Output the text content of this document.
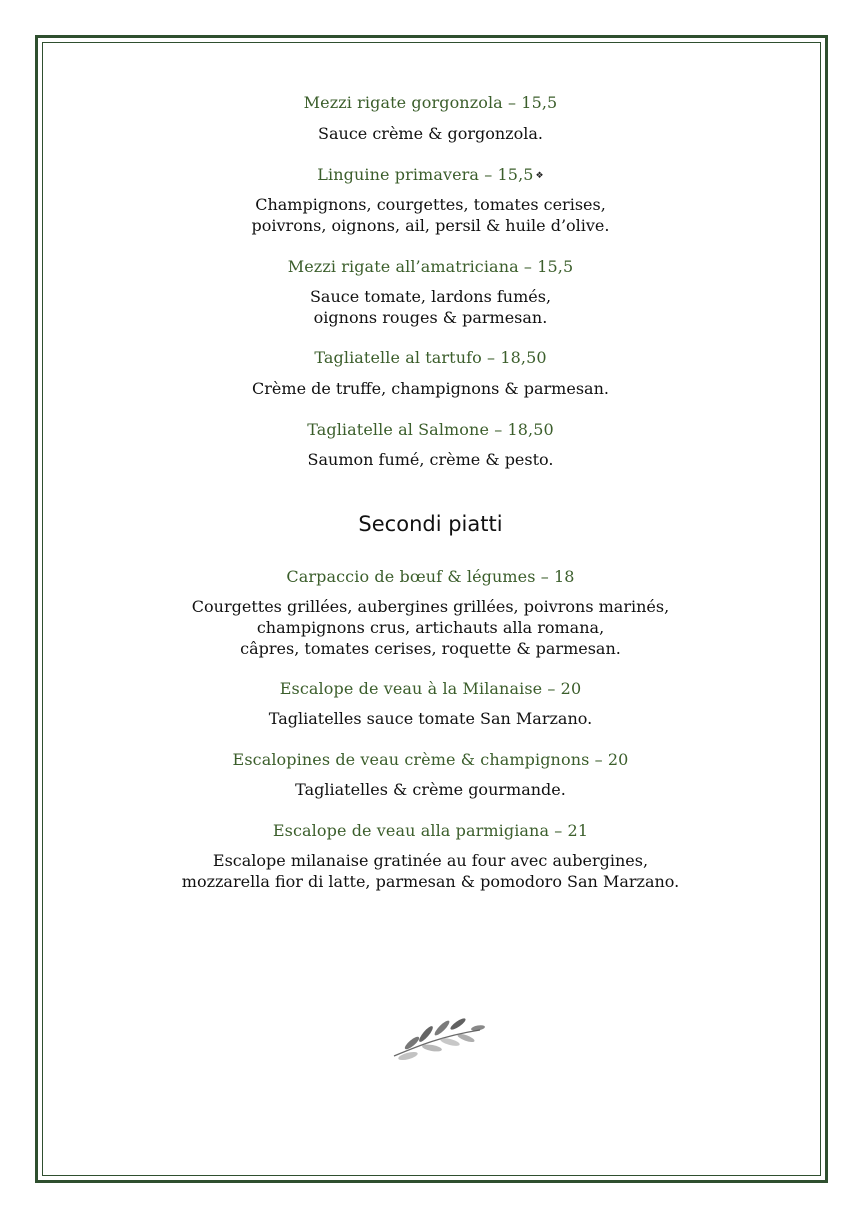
Mezzi rigate gorgonzola – 15,5
Sauce crème & gorgonzola.
Linguine primavera – 15,5 ❖
Champignons, courgettes, tomates cerises,
poivrons, oignons, ail, persil & huile d’olive.
Mezzi rigate all’amatriciana – 15,5
Sauce tomate, lardons fumés,
oignons rouges & parmesan.
Tagliatelle al tartufo – 18,50
Crème de truffe, champignons & parmesan.
Tagliatelle al Salmone – 18,50
Saumon fumé, crème & pesto.
Secondi piatti
Carpaccio de bœuf & légumes – 18
Courgettes grillées, aubergines grillées, poivrons marinés,
champignons crus, artichauts alla romana,
câpres, tomates cerises, roquette & parmesan.
Escalope de veau à la Milanaise – 20
Tagliatelles sauce tomate San Marzano.
Escalopines de veau crème & champignons – 20
Tagliatelles & crème gourmande.
Escalope de veau alla parmigiana – 21
Escalope milanaise gratinée au four avec aubergines,
mozzarella fior di latte, parmesan & pomodoro San Marzano.
